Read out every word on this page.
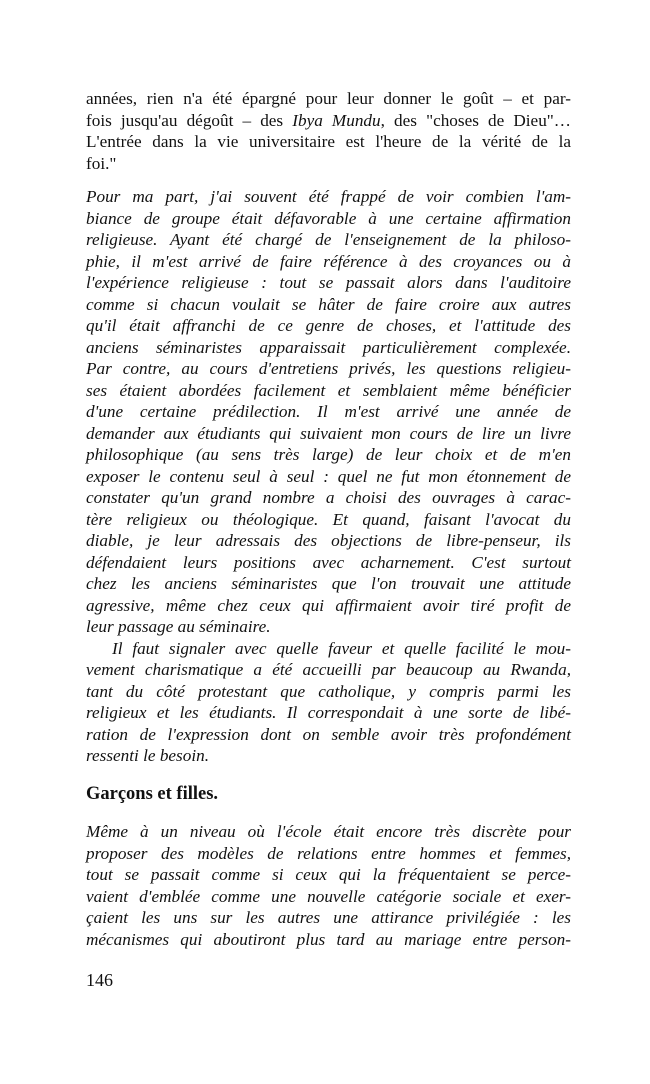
années, rien n'a été épargné pour leur donner le goût – et par-
fois jusqu'au dégoût – des Ibya Mundu, des "choses de Dieu"…
L'entrée dans la vie universitaire est l'heure de la vérité de la
foi."
Pour ma part, j'ai souvent été frappé de voir combien l'am-
biance de groupe était défavorable à une certaine affirmation
religieuse. Ayant été chargé de l'enseignement de la philoso-
phie, il m'est arrivé de faire référence à des croyances ou à
l'expérience religieuse : tout se passait alors dans l'auditoire
comme si chacun voulait se hâter de faire croire aux autres
qu'il était affranchi de ce genre de choses, et l'attitude des
anciens séminaristes apparaissait particulièrement complexée.
Par contre, au cours d'entretiens privés, les questions religieu-
ses étaient abordées facilement et semblaient même bénéficier
d'une certaine prédilection. Il m'est arrivé une année de
demander aux étudiants qui suivaient mon cours de lire un livre
philosophique (au sens très large) de leur choix et de m'en
exposer le contenu seul à seul : quel ne fut mon étonnement de
constater qu'un grand nombre a choisi des ouvrages à carac-
tère religieux ou théologique. Et quand, faisant l'avocat du
diable, je leur adressais des objections de libre-penseur, ils
défendaient leurs positions avec acharnement. C'est surtout
chez les anciens séminaristes que l'on trouvait une attitude
agressive, même chez ceux qui affirmaient avoir tiré profit de
leur passage au séminaire.
Il faut signaler avec quelle faveur et quelle facilité le mou-
vement charismatique a été accueilli par beaucoup au Rwanda,
tant du côté protestant que catholique, y compris parmi les
religieux et les étudiants. Il correspondait à une sorte de libé-
ration de l'expression dont on semble avoir très profondément
ressenti le besoin.
Garçons et filles.
Même à un niveau où l'école était encore très discrète pour
proposer des modèles de relations entre hommes et femmes,
tout se passait comme si ceux qui la fréquentaient se perce-
vaient d'emblée comme une nouvelle catégorie sociale et exer-
çaient les uns sur les autres une attirance privilégiée : les
mécanismes qui aboutiront plus tard au mariage entre person-
146
